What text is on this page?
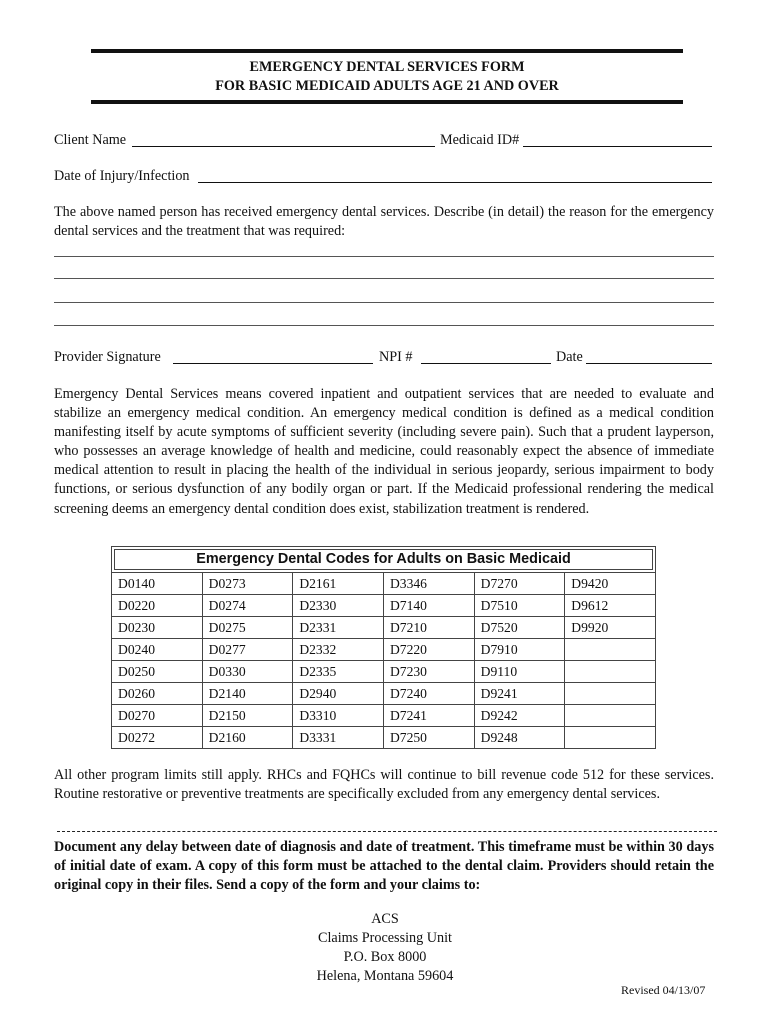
EMERGENCY DENTAL SERVICES FORM
FOR BASIC MEDICAID ADULTS AGE 21 AND OVER
Client Name	Medicaid ID#
Date of Injury/Infection
The above named person has received emergency dental services. Describe (in detail) the reason for the emergency dental services and the treatment that was required:
Provider Signature	NPI #	Date
Emergency Dental Services means covered inpatient and outpatient services that are needed to evaluate and stabilize an emergency medical condition. An emergency medical condition is defined as a medical condition manifesting itself by acute symptoms of sufficient severity (including severe pain). Such that a prudent layperson, who possesses an average knowledge of health and medicine, could reasonably expect the absence of immediate medical attention to result in placing the health of the individual in serious jeopardy, serious impairment to body functions, or serious dysfunction of any bodily organ or part. If the Medicaid professional rendering the medical screening deems an emergency dental condition does exist, stabilization treatment is rendered.
Emergency Dental Codes for Adults on Basic Medicaid					

D0140	D0273	D2161	D3346	D7270	D9420
D0220	D0274	D2330	D7140	D7510	D9612
D0230	D0275	D2331	D7210	D7520	D9920
D0240	D0277	D2332	D7220	D7910	
D0250	D0330	D2335	D7230	D9110	
D0260	D2140	D2940	D7240	D9241	
D0270	D2150	D3310	D7241	D9242	
D0272	D2160	D3331	D7250	D9248	
All other program limits still apply. RHCs and FQHCs will continue to bill revenue code 512 for these services. Routine restorative or preventive treatments are specifically excluded from any emergency dental services.
Document any delay between date of diagnosis and date of treatment. This timeframe must be within 30 days of initial date of exam. A copy of this form must be attached to the dental claim. Providers should retain the original copy in their files. Send a copy of the form and your claims to:
ACS
Claims Processing Unit
P.O. Box 8000
Helena, Montana 59604
Revised 04/13/07
